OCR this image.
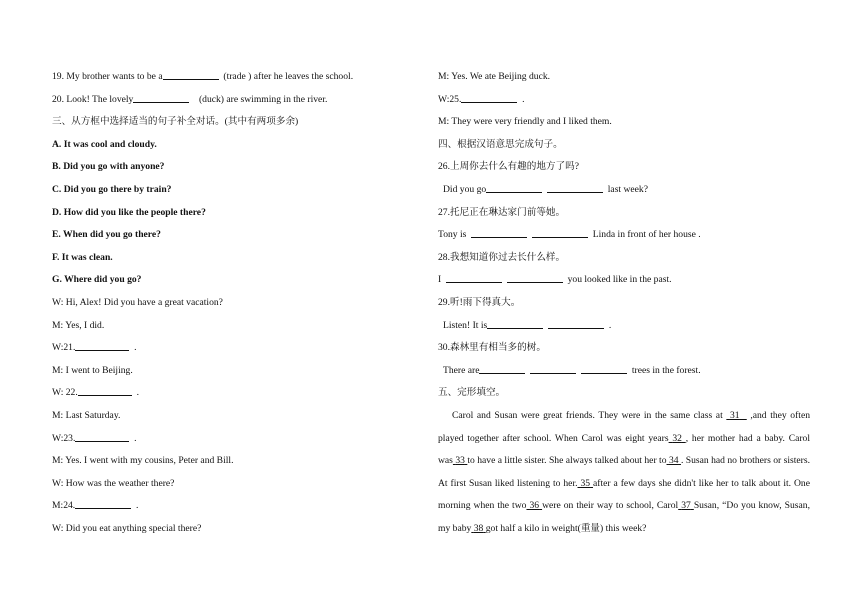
19. My brother wants to be a	(trade ) after he leaves the school.
20. Look! The lovely	(duck) are swimming in the river.
三、从方框中选择适当的句子补全对话。(其中有两项多余)
A. It was cool and cloudy.
B. Did you go with anyone?
C. Did you go there by train?
D. How did you like the people there?
E. When did you go there?
F. It was clean.
G. Where did you go?
W: Hi, Alex! Did you have a great vacation?
M: Yes, I did.
W:21.	.
M: I went to Beijing.
W: 22.	.
M: Last Saturday.
W:23.	.
M: Yes. I went with my cousins, Peter and Bill.
W: How was the weather there?
M:24.	.
W: Did you eat anything special there?
M: Yes. We ate Beijing duck.
W:25.	.
M: They were very friendly and I liked them.
四、根据汉语意思完成句子。
26.上周你去什么有趣的地方了吗?
Did you go	last week?
27.托尼正在琳达家门前等她。
Tony is	Linda in front of her house .
28.我想知道你过去长什么样。
I	you looked like in the past.
29.听!雨下得真大。
Listen! It is	.
30.森林里有相当多的树。
There are	trees in the forest.
五、完形填空。
Carol and Susan were great friends. They were in the same class at  31   ,and they often played together after school. When Carol was eight years 32 , her mother had a baby. Carol was 33 to have a little sister. She always talked about her to 34 . Susan had no brothers or sisters. At first Susan liked listening to her. 35 after a few days she didn't like her to talk about it. One morning when the two 36 were on their way to school, Carol 37 Susan, “Do you know, Susan, my baby 38 got half a kilo in weight(重量) this week?
